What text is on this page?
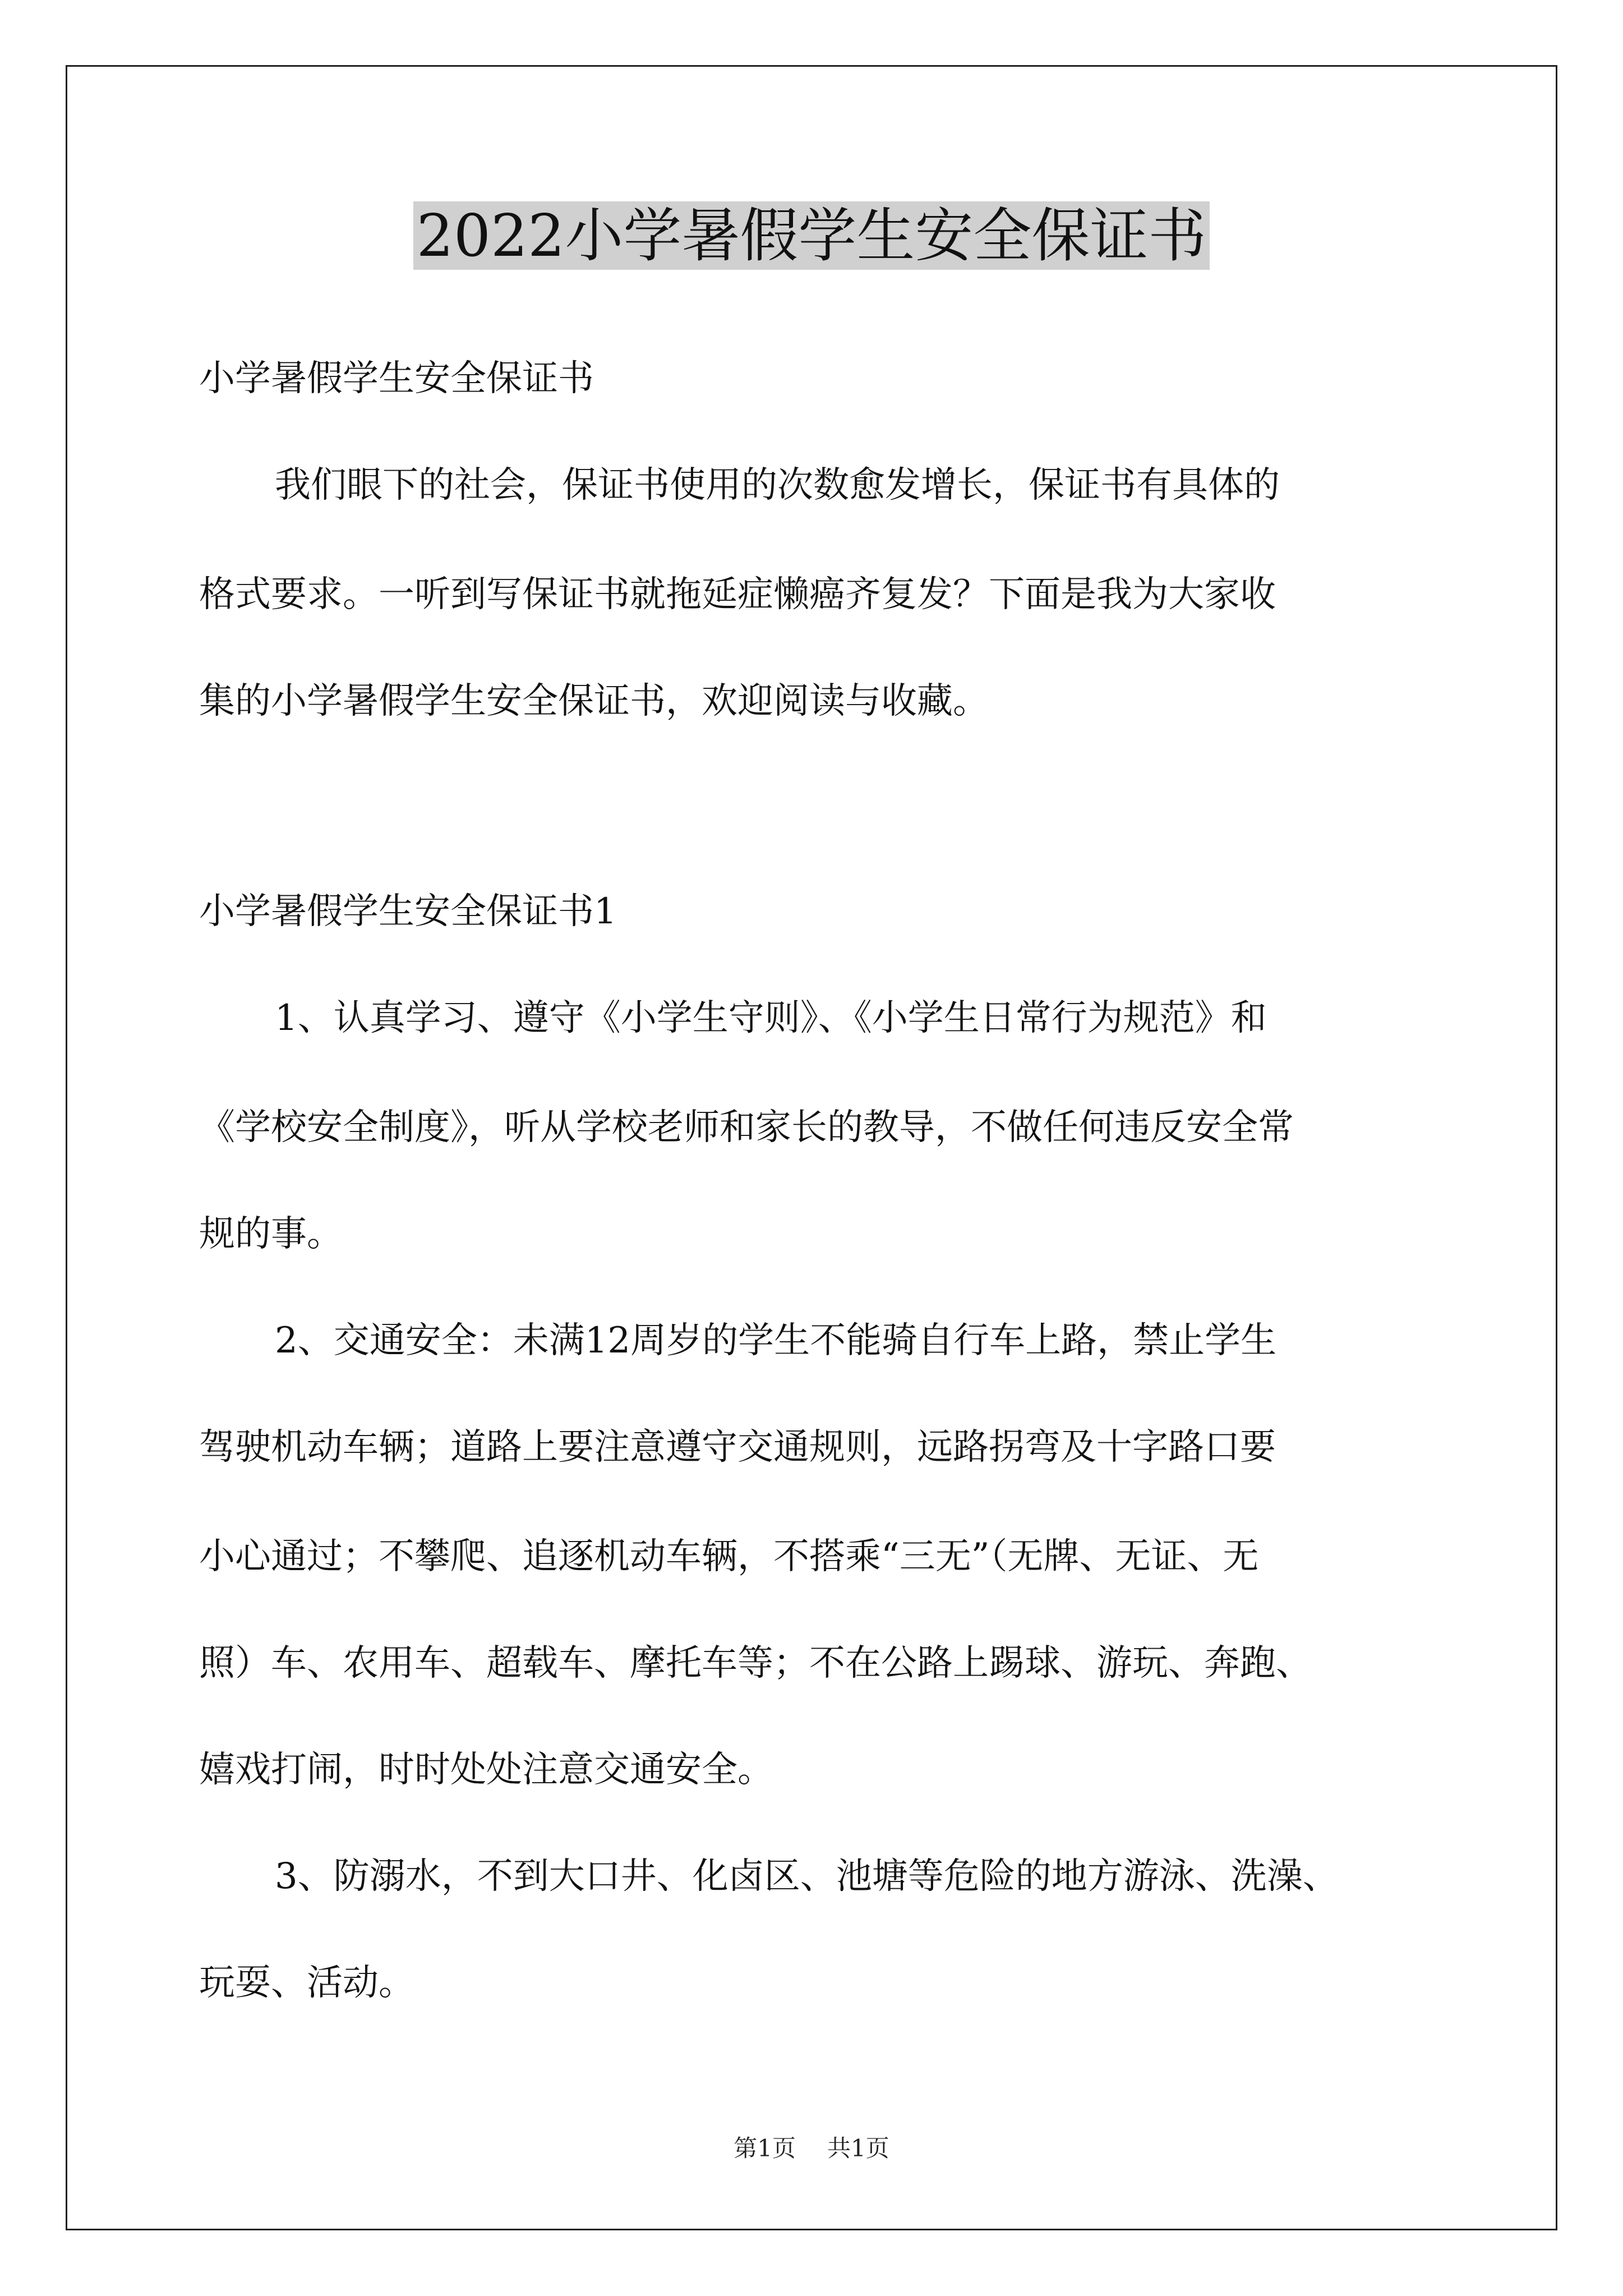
2022小学暑假学生安全保证书
小学暑假学生安全保证书
我们眼下的社会，保证书使用的次数愈发增长，保证书有具体的
格式要求。一听到写保证书就拖延症懒癌齐复发？下面是我为大家收
集的小学暑假学生安全保证书，欢迎阅读与收藏。
小学暑假学生安全保证书1
1、认真学习、遵守《小学生守则》、《小学生日常行为规范》和
《学校安全制度》，听从学校老师和家长的教导，不做任何违反安全常
规的事。
2、交通安全：未满12周岁的学生不能骑自行车上路，禁止学生
驾驶机动车辆；道路上要注意遵守交通规则，远路拐弯及十字路口要
小心通过；不攀爬、追逐机动车辆，不搭乘“三无”（无牌、无证、无
照）车、农用车、超载车、摩托车等；不在公路上踢球、游玩、奔跑、
嬉戏打闹，时时处处注意交通安全。
3、防溺水，不到大口井、化卤区、池塘等危险的地方游泳、洗澡、
玩耍、活动。
第1页 共1页
